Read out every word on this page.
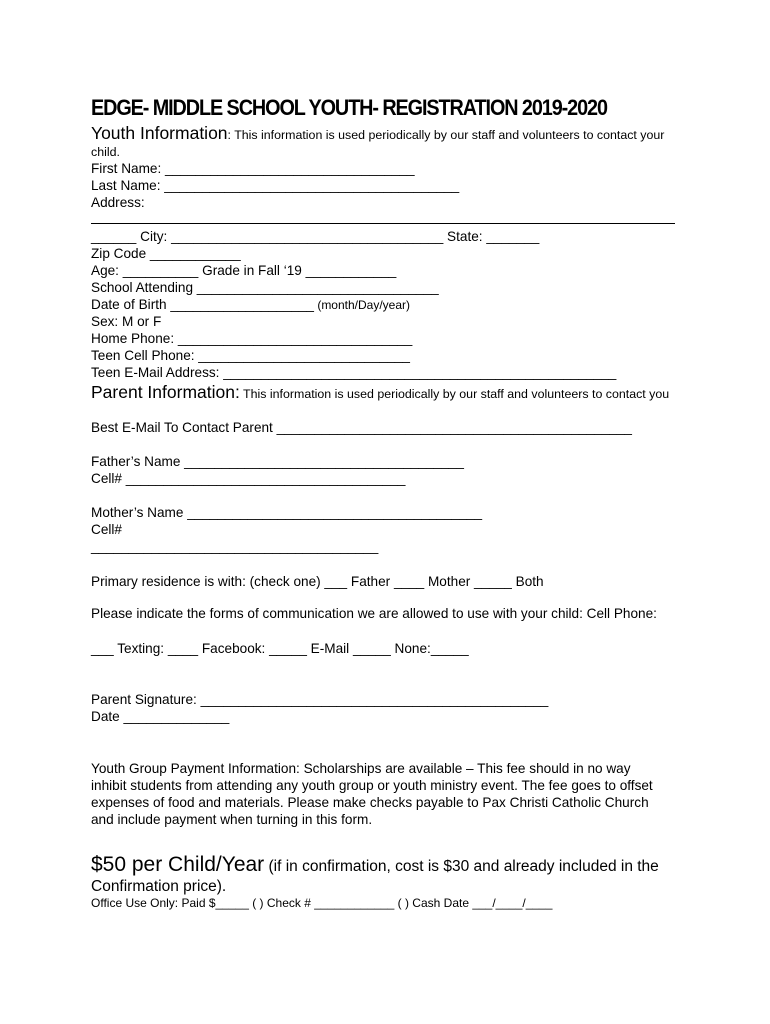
EDGE- MIDDLE SCHOOL YOUTH- REGISTRATION 2019-2020
Youth Information: This information is used periodically by our staff and volunteers to contact your
child.
First Name: _________________________________
Last Name: _______________________________________
Address:
______ City: ____________________________________ State: _______
Zip Code ____________
Age: __________ Grade in Fall ‘19 ____________
School Attending ________________________________
Date of Birth ___________________ (month/Day/year)
Sex: M or F
Home Phone: _______________________________
Teen Cell Phone: ____________________________
Teen E-Mail Address: ____________________________________________________
Parent Information: This information is used periodically by our staff and volunteers to contact you
Best E-Mail To Contact Parent _______________________________________________
Father’s Name _____________________________________
Cell# _____________________________________
Mother’s Name _______________________________________
Cell#
______________________________________
Primary residence is with: (check one) ___ Father ____ Mother _____ Both
Please indicate the forms of communication we are allowed to use with your child: Cell Phone:
___ Texting: ____ Facebook: _____ E-Mail _____ None:_____
Parent Signature: ______________________________________________
Date ______________
Youth Group Payment Information: Scholarships are available – This fee should in no way
inhibit students from attending any youth group or youth ministry event. The fee goes to offset
expenses of food and materials. Please make checks payable to Pax Christi Catholic Church
and include payment when turning in this form.
$50 per Child/Year (if in confirmation, cost is $30 and already included in the
Confirmation price).
Office Use Only: Paid $_____ ( ) Check # ____________ ( ) Cash Date ___/____/____
